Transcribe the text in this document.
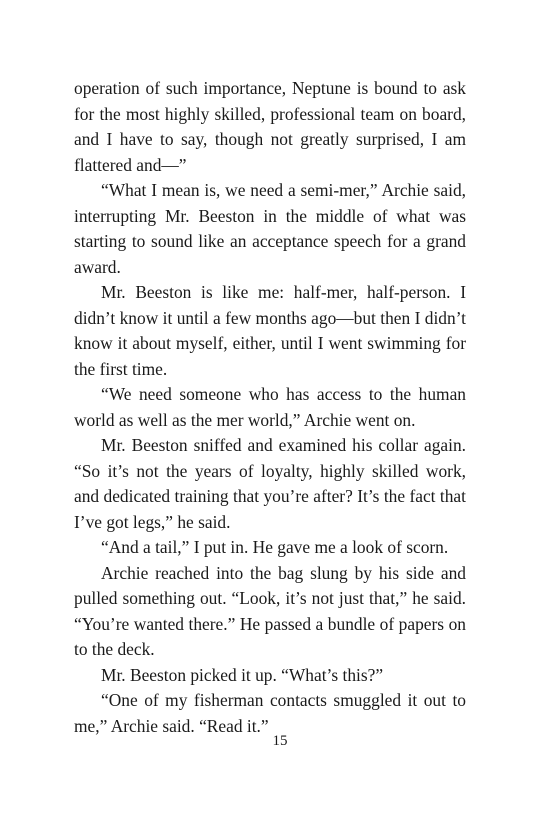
operation of such importance, Neptune is bound to ask for the most highly skilled, professional team on board, and I have to say, though not greatly surprised, I am flattered and—”

“What I mean is, we need a semi-mer,” Archie said, interrupting Mr. Beeston in the middle of what was starting to sound like an acceptance speech for a grand award.

Mr. Beeston is like me: half-mer, half-person. I didn’t know it until a few months ago—but then I didn’t know it about myself, either, until I went swimming for the first time.

“We need someone who has access to the human world as well as the mer world,” Archie went on.

Mr. Beeston sniffed and examined his collar again. “So it’s not the years of loyalty, highly skilled work, and dedicated training that you’re after? It’s the fact that I’ve got legs,” he said.

“And a tail,” I put in. He gave me a look of scorn.

Archie reached into the bag slung by his side and pulled something out. “Look, it’s not just that,” he said. “You’re wanted there.” He passed a bundle of papers on to the deck.

Mr. Beeston picked it up. “What’s this?”

“One of my fisherman contacts smuggled it out to me,” Archie said. “Read it.”

15
